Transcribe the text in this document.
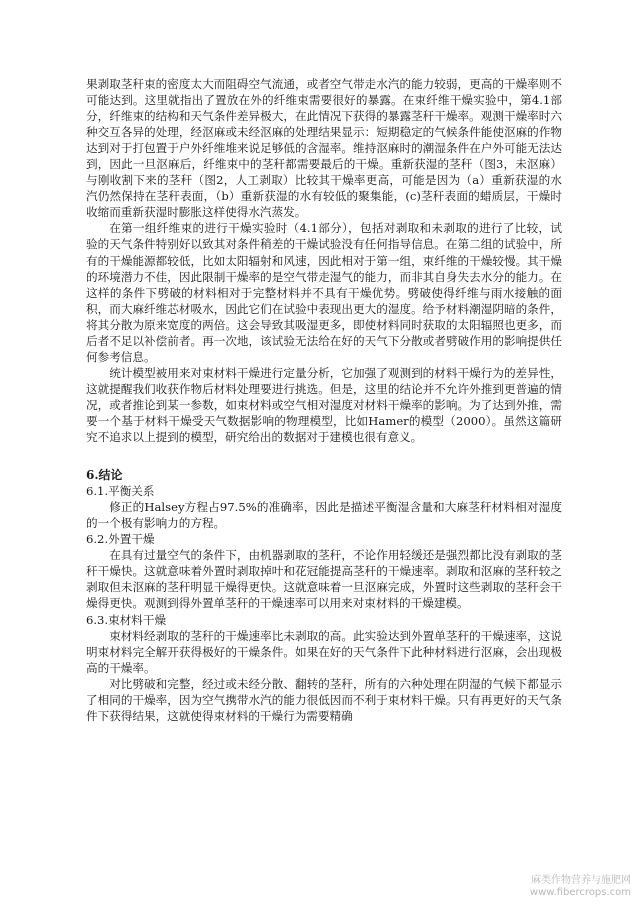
果剥取茎秆束的密度太大而阻碍空气流通，或者空气带走水汽的能力较弱，更高的干燥率则不可能达到。这里就指出了置放在外的纤维束需要很好的暴露。在束纤维干燥实验中，第4.1部分，纤维束的结构和天气条件差异极大，在此情况下获得的暴露茎秆干燥率。观测干燥率时六种交互各异的处理，经沤麻或未经沤麻的处理结果显示：短期稳定的气候条件能使沤麻的作物达到对于打包置于户外纤维堆来说足够低的含湿率。维持沤麻时的潮湿条件在户外可能无法达到，因此一旦沤麻后，纤维束中的茎秆都需要最后的干燥。重新获湿的茎秆（图3，未沤麻）与刚收割下来的茎秆（图2，人工剥取）比较其干燥率更高，可能是因为（a）重新获湿的水汽仍然保持在茎秆表面，（b）重新获湿的水有较低的聚集能，(c)茎秆表面的蜡质层，干燥时收缩而重新获湿时膨胀这样使得水汽蒸发。

在第一组纤维束的进行干燥实验时（4.1部分），包括对剥取和未剥取的进行了比较，试验的天气条件特别好以致其对条件稍差的干燥试验没有任何指导信息。在第二组的试验中，所有的干燥能源都较低，比如太阳辐射和风速，因此相对于第一组，束纤维的干燥较慢。其干燥的环境潜力不佳，因此限制干燥率的是空气带走湿气的能力，而非其自身失去水分的能力。在这样的条件下劈破的材料相对于完整材料并不具有干燥优势。劈破使得纤维与雨水接触的面积，而大麻纤维芯材吸水，因此它们在试验中表现出更大的湿度。给予材料潮湿阴暗的条件，将其分散为原来宽度的两倍。这会导致其吸湿更多，即使材料同时获取的太阳辐照也更多，而后者不足以补偿前者。再一次地，该试验无法给在好的天气下分散或者劈破作用的影响提供任何参考信息。

统计模型被用来对束材料干燥进行定量分析，它加强了观测到的材料干燥行为的差异性，这就提醒我们收获作物后材料处理要进行挑选。但是，这里的结论并不允许外推到更普遍的情况，或者推论到某一参数，如束材料或空气相对湿度对材料干燥率的影响。为了达到外推，需要一个基于材料干燥受天气数据影响的物理模型，比如Hamer的模型（2000）。虽然这篇研究不追求以上提到的模型，研究给出的数据对于建模也很有意义。

6.结论

6.1.平衡关系

修正的Halsey方程占97.5%的准确率，因此是描述平衡湿含量和大麻茎秆材料相对湿度的一个极有影响力的方程。

6.2.外置干燥

在具有过量空气的条件下，由机器剥取的茎秆，不论作用轻缓还是强烈都比没有剥取的茎秆干燥快。这就意味着外置时剥取掉叶和花冠能提高茎秆的干燥速率。剥取和沤麻的茎秆较之剥取但未沤麻的茎秆明显干燥得更快。这就意味着一旦沤麻完成，外置时这些剥取的茎秆会干燥得更快。观测到得外置单茎秆的干燥速率可以用来对束材料的干燥建模。

6.3.束材料干燥

束材料经剥取的茎秆的干燥速率比未剥取的高。此实验达到外置单茎秆的干燥速率，这说明束材料完全解开获得极好的干燥条件。如果在好的天气条件下此种材料进行沤麻，会出现极高的干燥率。

对比劈破和完整，经过或未经分散、翻转的茎秆，所有的六种处理在阴湿的气候下都显示了相同的干燥率，因为空气携带水汽的能力很低因而不利于束材料干燥。只有再更好的天气条件下获得结果，这就使得束材料的干燥行为需要精确

麻类作物营养与施肥网
www.fibercrops.com
